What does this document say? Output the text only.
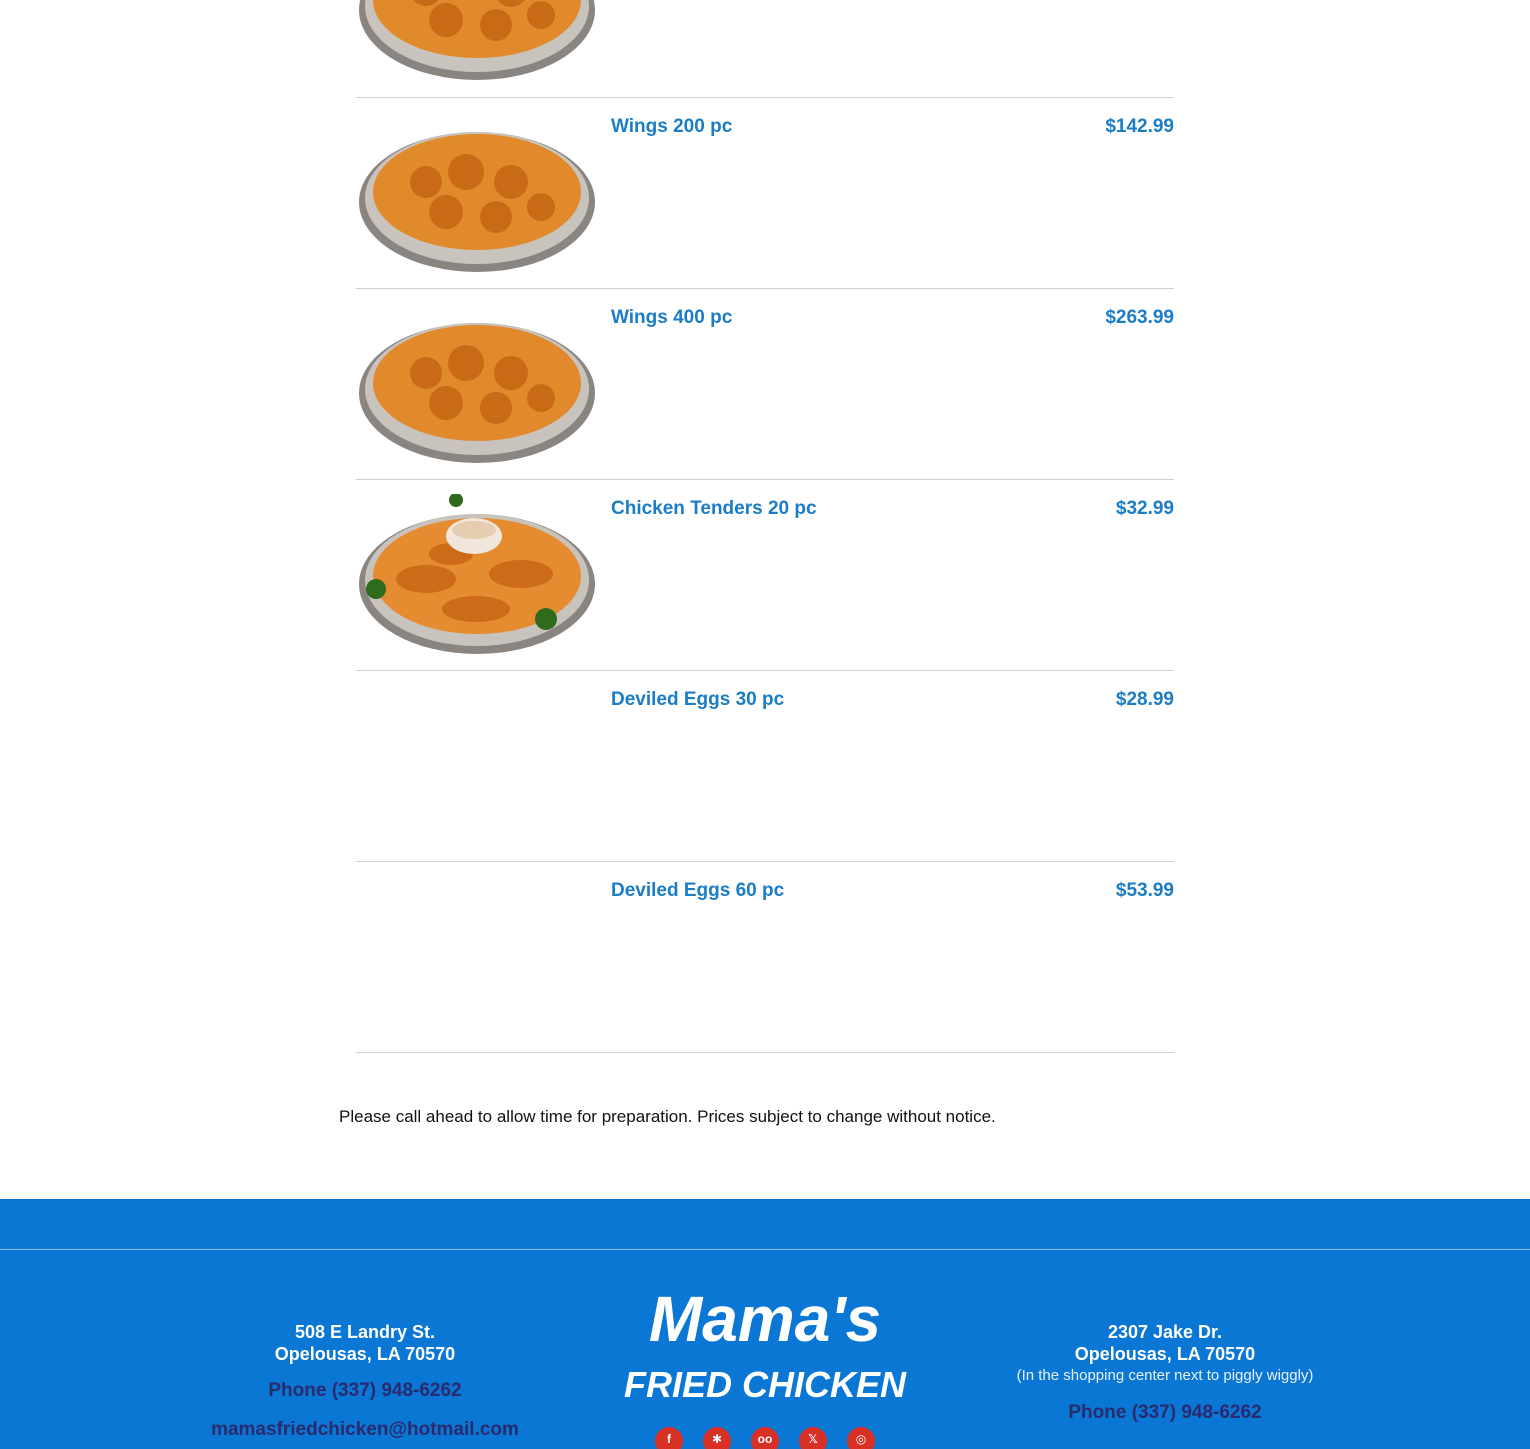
Wings 200 pc	$142.99
Wings 400 pc	$263.99
Chicken Tenders 20 pc	$32.99
Deviled Eggs 30 pc	$28.99
Deviled Eggs 60 pc	$53.99

Please call ahead to allow time for preparation. Prices subject to change without notice.

508 E Landry St.
Opelousas, LA 70570
Phone (337) 948-6262
mamasfriedchicken@hotmail.com
Mama's
FRIED CHICKEN
f	✱	oo	𝕏	◎
2307 Jake Dr.
Opelousas, LA 70570
(In the shopping center next to piggly wiggly)
Phone (337) 948-6262
